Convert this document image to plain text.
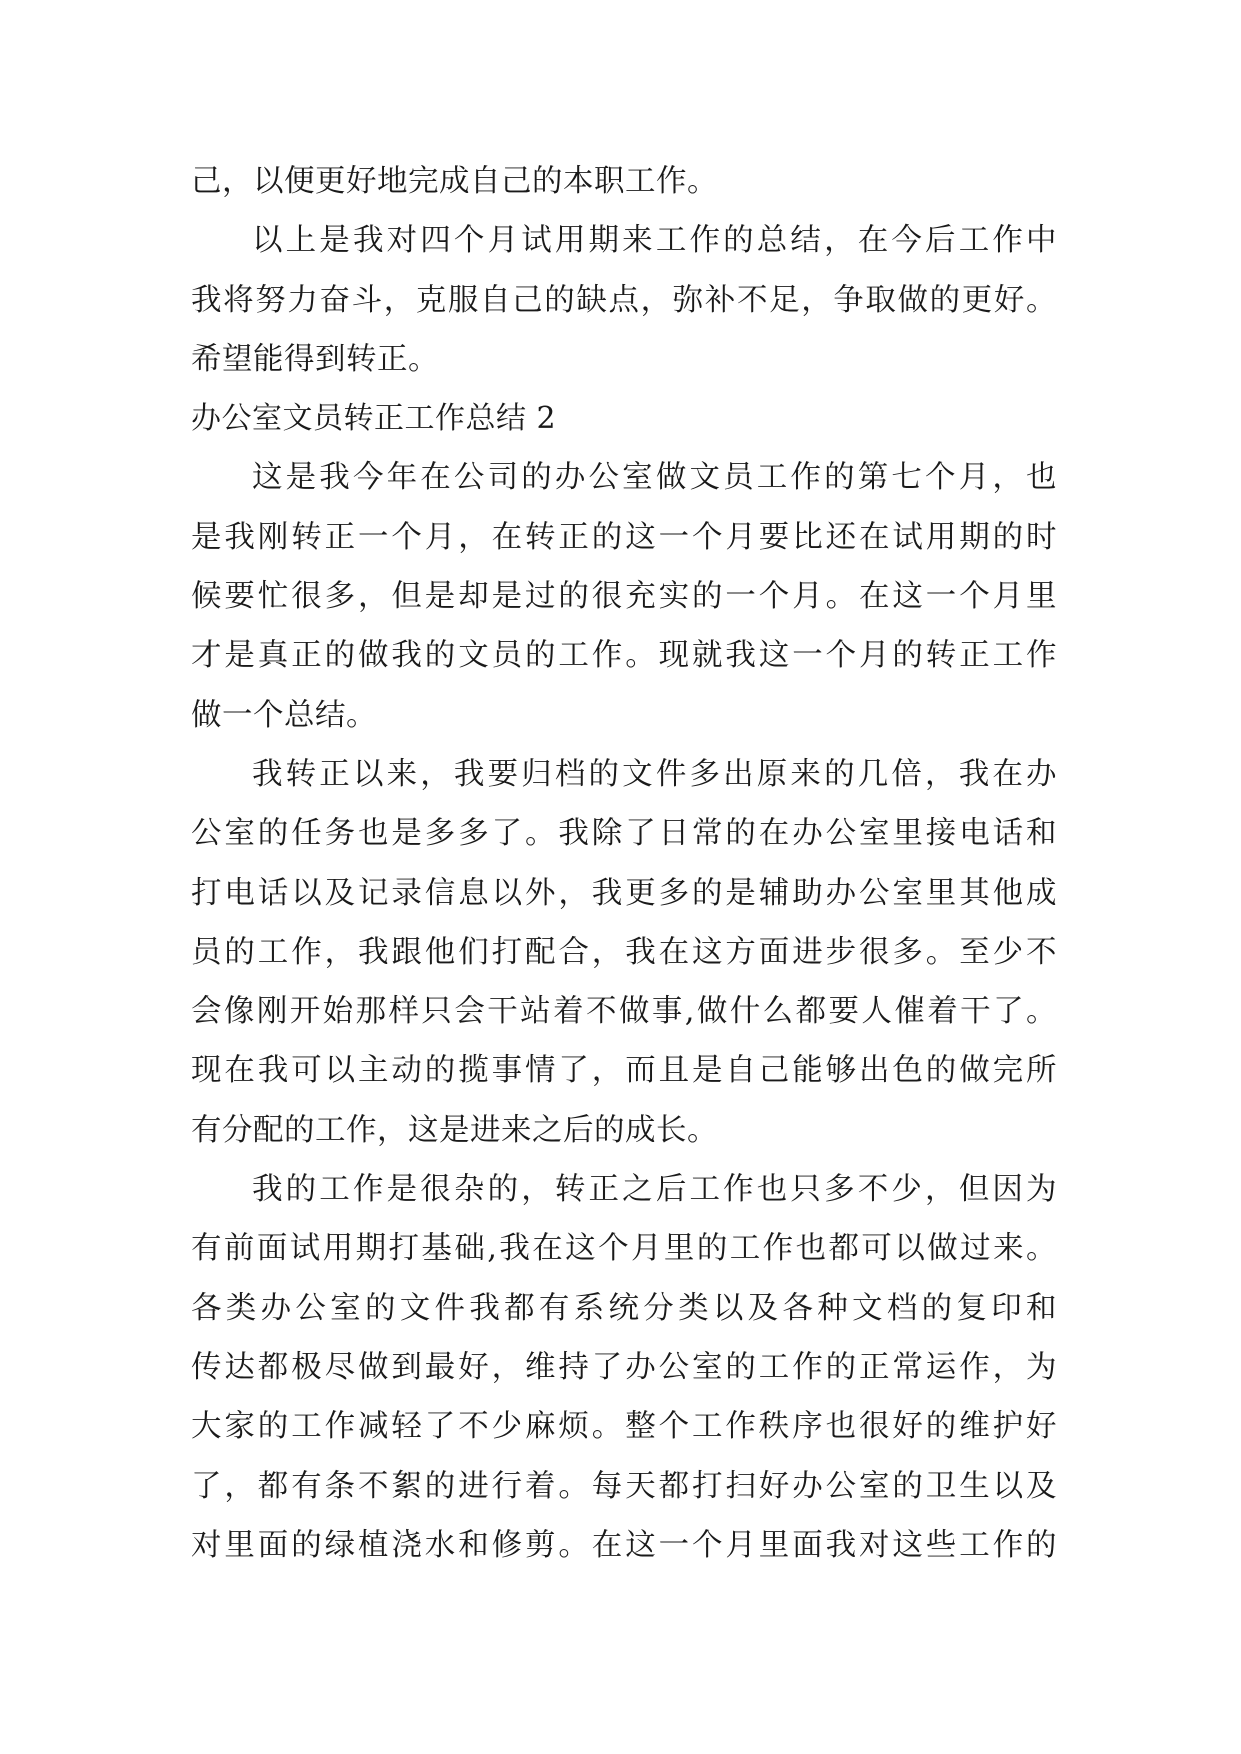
己，以便更好地完成自己的本职工作。
以上是我对四个月试用期来工作的总结，在今后工作中
我将努力奋斗，克服自己的缺点，弥补不足，争取做的更好。
希望能得到转正。
办公室文员转正工作总结 2
这是我今年在公司的办公室做文员工作的第七个月，也
是我刚转正一个月，在转正的这一个月要比还在试用期的时
候要忙很多，但是却是过的很充实的一个月。在这一个月里
才是真正的做我的文员的工作。现就我这一个月的转正工作
做一个总结。
我转正以来，我要归档的文件多出原来的几倍，我在办
公室的任务也是多多了。我除了日常的在办公室里接电话和
打电话以及记录信息以外，我更多的是辅助办公室里其他成
员的工作，我跟他们打配合，我在这方面进步很多。至少不
会像刚开始那样只会干站着不做事,做什么都要人催着干了。
现在我可以主动的揽事情了，而且是自己能够出色的做完所
有分配的工作，这是进来之后的成长。
我的工作是很杂的，转正之后工作也只多不少，但因为
有前面试用期打基础,我在这个月里的工作也都可以做过来。
各类办公室的文件我都有系统分类以及各种文档的复印和
传达都极尽做到最好，维持了办公室的工作的正常运作，为
大家的工作减轻了不少麻烦。整个工作秩序也很好的维护好
了，都有条不絮的进行着。每天都打扫好办公室的卫生以及
对里面的绿植浇水和修剪。在这一个月里面我对这些工作的
